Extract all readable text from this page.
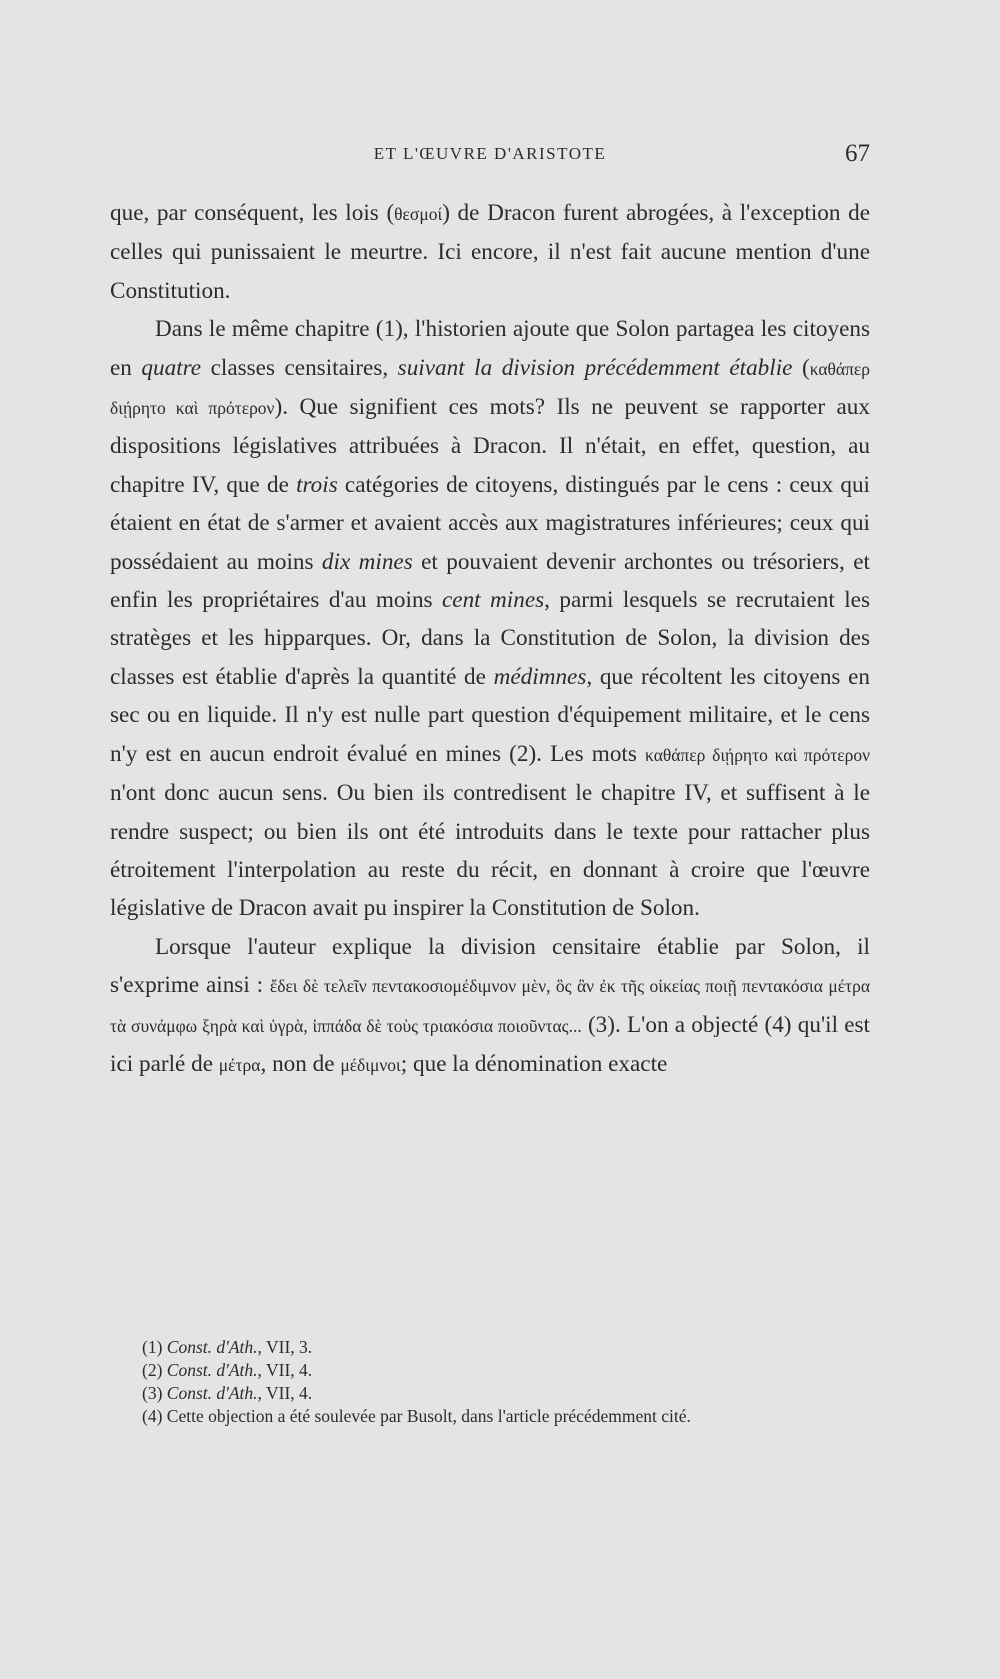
ET L'ŒUVRE D'ARISTOTE	67

que, par conséquent, les lois (θεσμοί) de Dracon furent abrogées, à l'exception de celles qui punissaient le meurtre. Ici encore, il n'est fait aucune mention d'une Constitution.

Dans le même chapitre (1), l'historien ajoute que Solon partagea les citoyens en quatre classes censitaires, suivant la division précédemment établie (καθάπερ διῄρητο καὶ πρότερον). Que signifient ces mots? Ils ne peuvent se rapporter aux dispositions législatives attribuées à Dracon. Il n'était, en effet, question, au chapitre IV, que de trois catégories de citoyens, distingués par le cens : ceux qui étaient en état de s'armer et avaient accès aux magistratures inférieures; ceux qui possédaient au moins dix mines et pouvaient devenir archontes ou trésoriers, et enfin les propriétaires d'au moins cent mines, parmi lesquels se recrutaient les stratèges et les hipparques. Or, dans la Constitution de Solon, la division des classes est établie d'après la quantité de médimnes, que récoltent les citoyens en sec ou en liquide. Il n'y est nulle part question d'équipement militaire, et le cens n'y est en aucun endroit évalué en mines (2). Les mots καθάπερ διῄρητο καὶ πρότερον n'ont donc aucun sens. Ou bien ils contredisent le chapitre IV, et suffisent à le rendre suspect; ou bien ils ont été introduits dans le texte pour rattacher plus étroitement l'interpolation au reste du récit, en donnant à croire que l'œuvre législative de Dracon avait pu inspirer la Constitution de Solon.

Lorsque l'auteur explique la division censitaire établie par Solon, il s'exprime ainsi : ἔδει δὲ τελεῖν πεντακοσιομέδιμνον μὲν, ὃς ἂν ἐκ τῆς οἰκείας ποιῇ πεντακόσια μέτρα τὰ συνάμφω ξηρὰ καὶ ὑγρὰ, ἱππάδα δὲ τοὺς τριακόσια ποιοῦντας... (3). L'on a objecté (4) qu'il est ici parlé de μέτρα, non de μέδιμνοι; que la dénomination exacte

(1) Const. d'Ath., VII, 3.

(2) Const. d'Ath., VII, 4.

(3) Const. d'Ath., VII, 4.

(4) Cette objection a été soulevée par Busolt, dans l'article précédemment cité.
